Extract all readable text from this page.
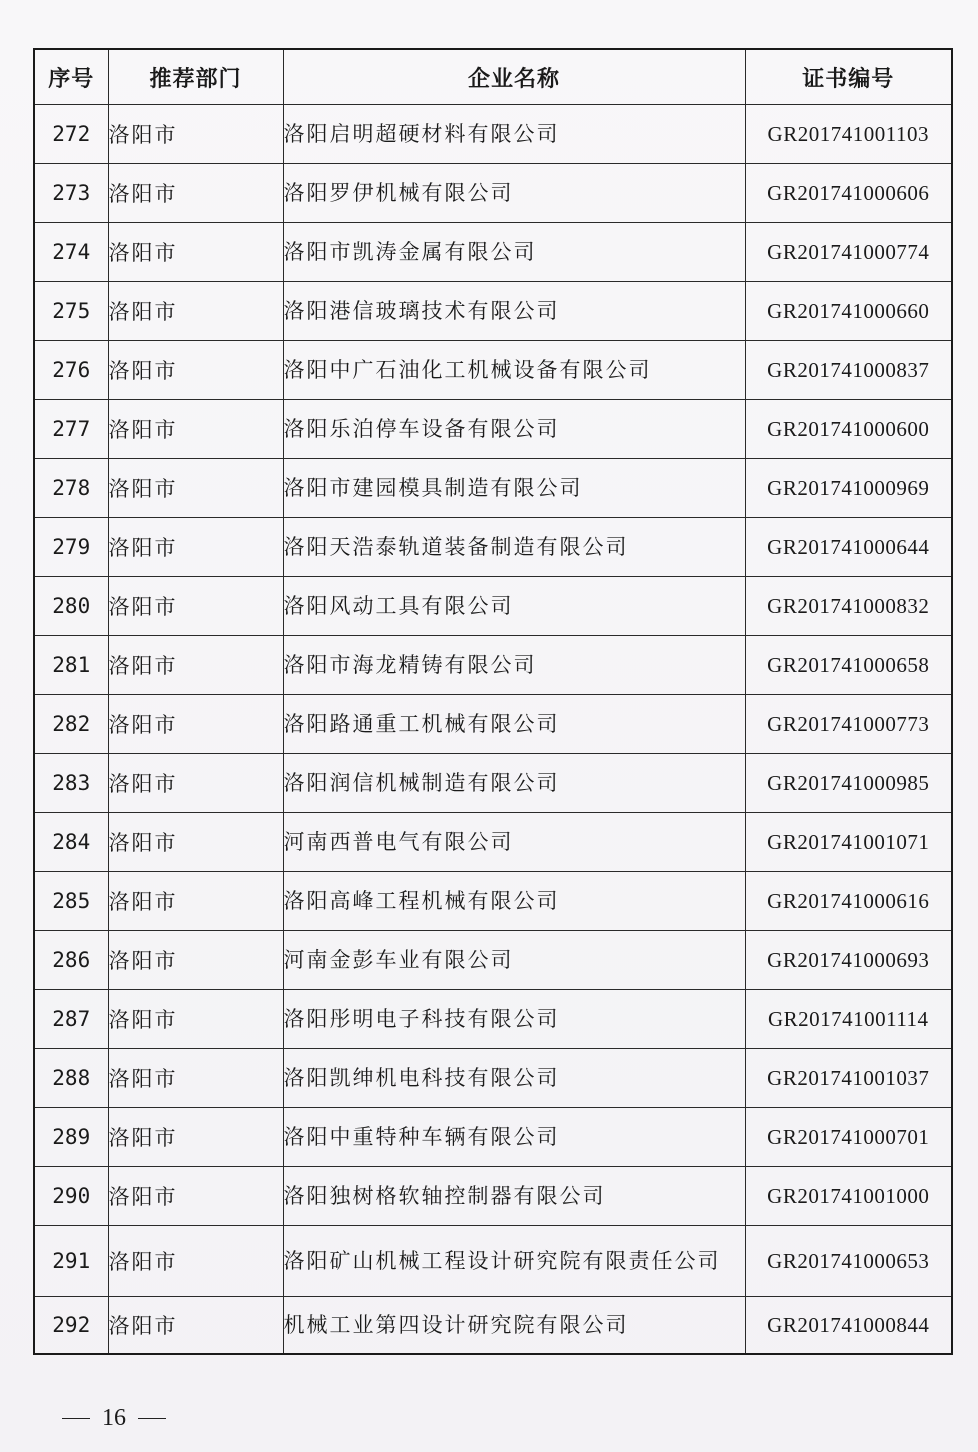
序号	推荐部门	企业名称	证书编号
272	洛阳市	洛阳启明超硬材料有限公司	GR201741001103
273	洛阳市	洛阳罗伊机械有限公司	GR201741000606
274	洛阳市	洛阳市凯涛金属有限公司	GR201741000774
275	洛阳市	洛阳港信玻璃技术有限公司	GR201741000660
276	洛阳市	洛阳中广石油化工机械设备有限公司	GR201741000837
277	洛阳市	洛阳乐泊停车设备有限公司	GR201741000600
278	洛阳市	洛阳市建园模具制造有限公司	GR201741000969
279	洛阳市	洛阳天浩泰轨道装备制造有限公司	GR201741000644
280	洛阳市	洛阳风动工具有限公司	GR201741000832
281	洛阳市	洛阳市海龙精铸有限公司	GR201741000658
282	洛阳市	洛阳路通重工机械有限公司	GR201741000773
283	洛阳市	洛阳润信机械制造有限公司	GR201741000985
284	洛阳市	河南西普电气有限公司	GR201741001071
285	洛阳市	洛阳高峰工程机械有限公司	GR201741000616
286	洛阳市	河南金彭车业有限公司	GR201741000693
287	洛阳市	洛阳彤明电子科技有限公司	GR201741001114
288	洛阳市	洛阳凯绅机电科技有限公司	GR201741001037
289	洛阳市	洛阳中重特种车辆有限公司	GR201741000701
290	洛阳市	洛阳独树格软轴控制器有限公司	GR201741001000
291	洛阳市	洛阳矿山机械工程设计研究院有限责任公司	GR201741000653
292	洛阳市	机械工业第四设计研究院有限公司	GR201741000844
16
